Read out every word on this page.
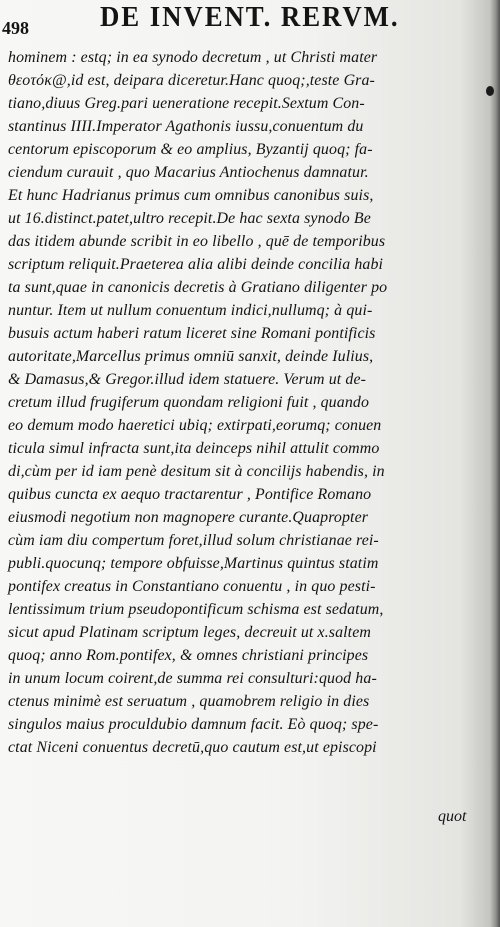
498	DE INVENT. RERVM.
hominem : estq; in ea synodo decretum , ut Christi mater
θεοτόκ@,id est, deipara diceretur.Hanc quoq;,teste Gra-
tiano,diuus Greg.pari ueneratione recepit.Sextum Con-
stantinus IIII.Imperator Agathonis iussu,conuentum du
centorum episcoporum & eo amplius, Byzantij quoq; fa-
ciendum curauit , quo Macarius Antiochenus damnatur.
Et hunc Hadrianus primus cum omnibus canonibus suis,
ut 16.distinct.patet,ultro recepit.De hac sexta synodo Be
das itidem abunde scribit in eo libello , quē de temporibus
scriptum reliquit.Praeterea alia alibi deinde concilia habi
ta sunt,quae in canonicis decretis à Gratiano diligenter po
nuntur. Item ut nullum conuentum indici,nullumq; à qui-
busuis actum haberi ratum liceret sine Romani pontificis
autoritate,Marcellus primus omniū sanxit, deinde Iulius,
& Damasus,& Gregor.illud idem statuere. Verum ut de-
cretum illud frugiferum quondam religioni fuit , quando
eo demum modo haeretici ubiq; extirpati,eorumq; conuen
ticula simul infracta sunt,ita deinceps nihil attulit commo
di,cùm per id iam penè desitum sit à concilijs habendis, in
quibus cuncta ex aequo tractarentur , Pontifice Romano
eiusmodi negotium non magnopere curante.Quapropter
cùm iam diu compertum foret,illud solum christianae rei-
publi.quocunq; tempore obfuisse,Martinus quintus statim
pontifex creatus in Constantiano conuentu , in quo pesti-
lentissimum trium pseudopontificum schisma est sedatum,
sicut apud Platinam scriptum leges, decreuit ut x.saltem
quoq; anno Rom.pontifex, & omnes christiani principes
in unum locum coirent,de summa rei consulturi:quod ha-
ctenus minimè est seruatum , quamobrem religio in dies
singulos maius proculdubio damnum facit. Eò quoq; spe-
ctat Niceni conuentus decretū,quo cautum est,ut episcopi
quot
